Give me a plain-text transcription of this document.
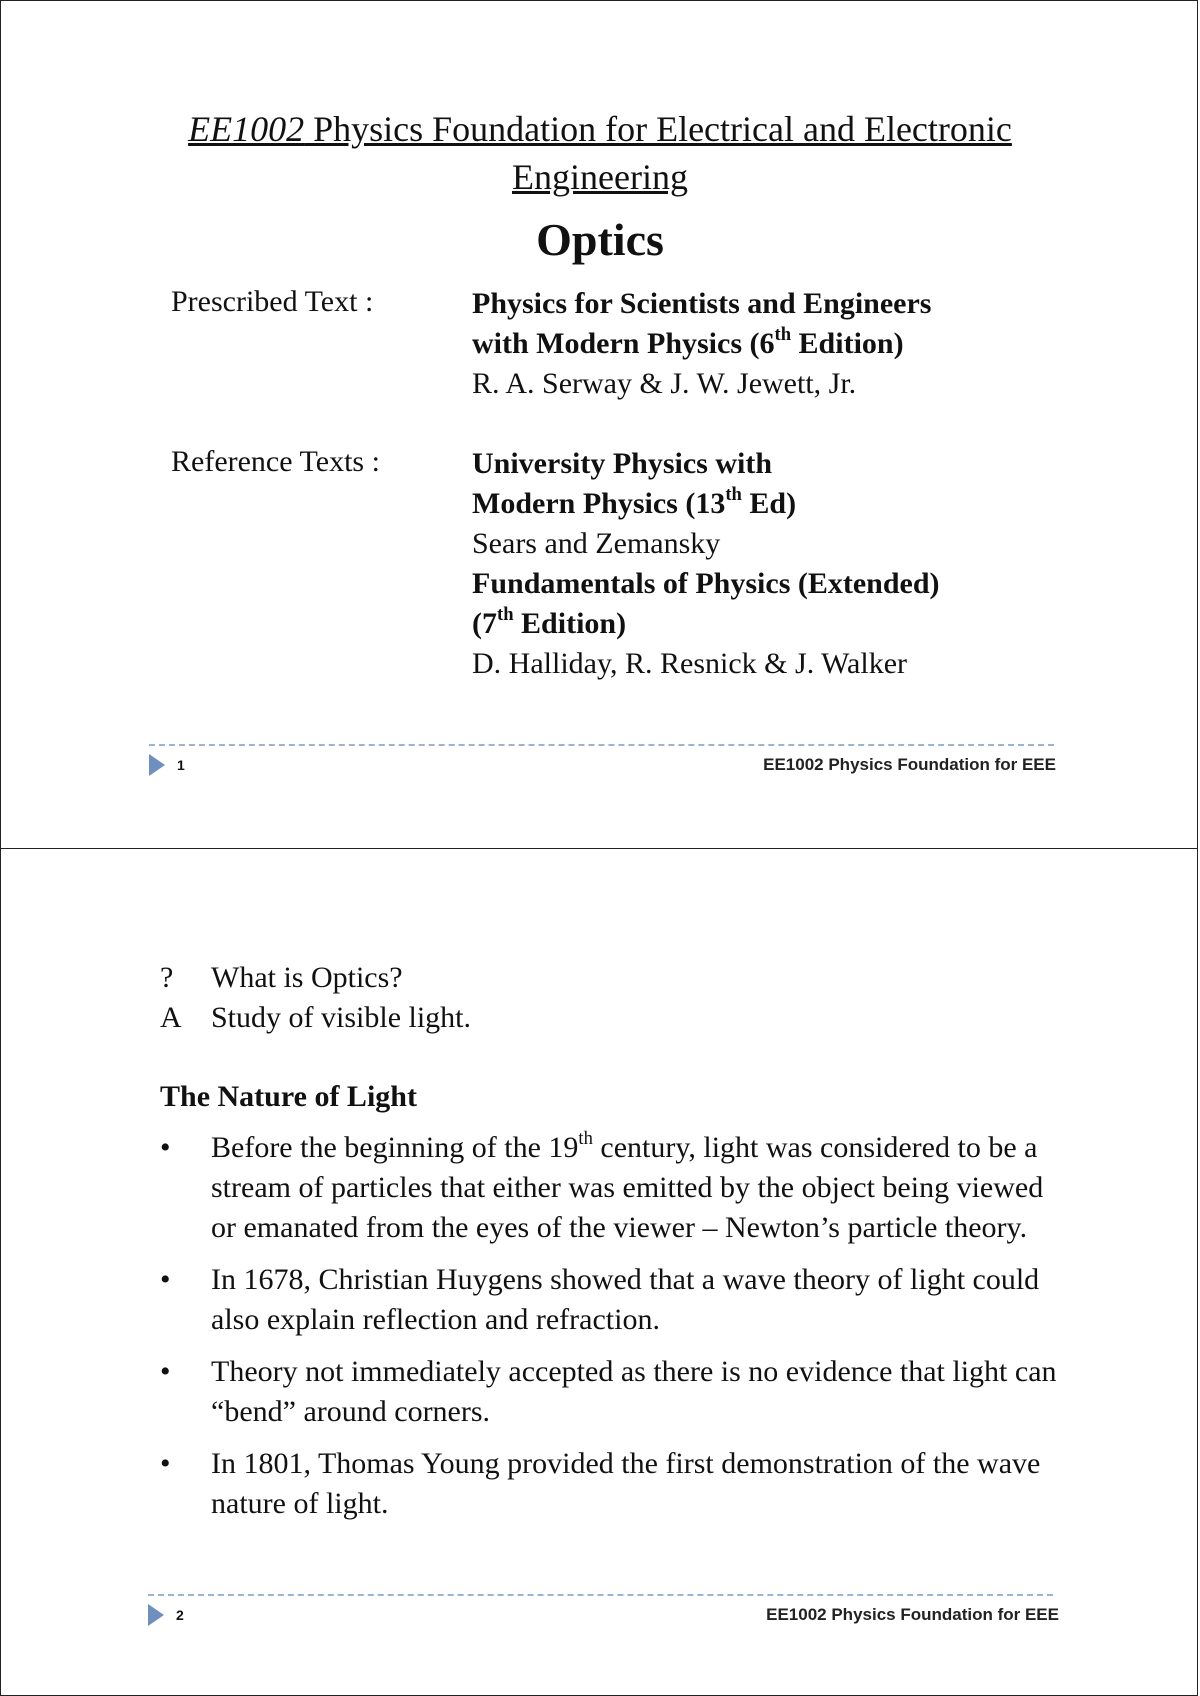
EE1002 Physics Foundation for Electrical and Electronic
Engineering
Optics
Prescribed Text :	Physics for Scientists and Engineers
with Modern Physics (6th Edition)
R. A. Serway & J. W. Jewett, Jr.
Reference Texts :	University Physics with
Modern Physics (13th Ed)
Sears and Zemansky
Fundamentals of Physics (Extended)
(7th Edition)
D. Halliday, R. Resnick & J. Walker
1	EE1002 Physics Foundation for EEE
? What is Optics?
A Study of visible light.
The Nature of Light
• Before the beginning of the 19th century, light was considered to be a stream of particles that either was emitted by the object being viewed or emanated from the eyes of the viewer – Newton’s particle theory.
• In 1678, Christian Huygens showed that a wave theory of light could also explain reflection and refraction.
• Theory not immediately accepted as there is no evidence that light can “bend” around corners.
• In 1801, Thomas Young provided the first demonstration of the wave nature of light.
2	EE1002 Physics Foundation for EEE
